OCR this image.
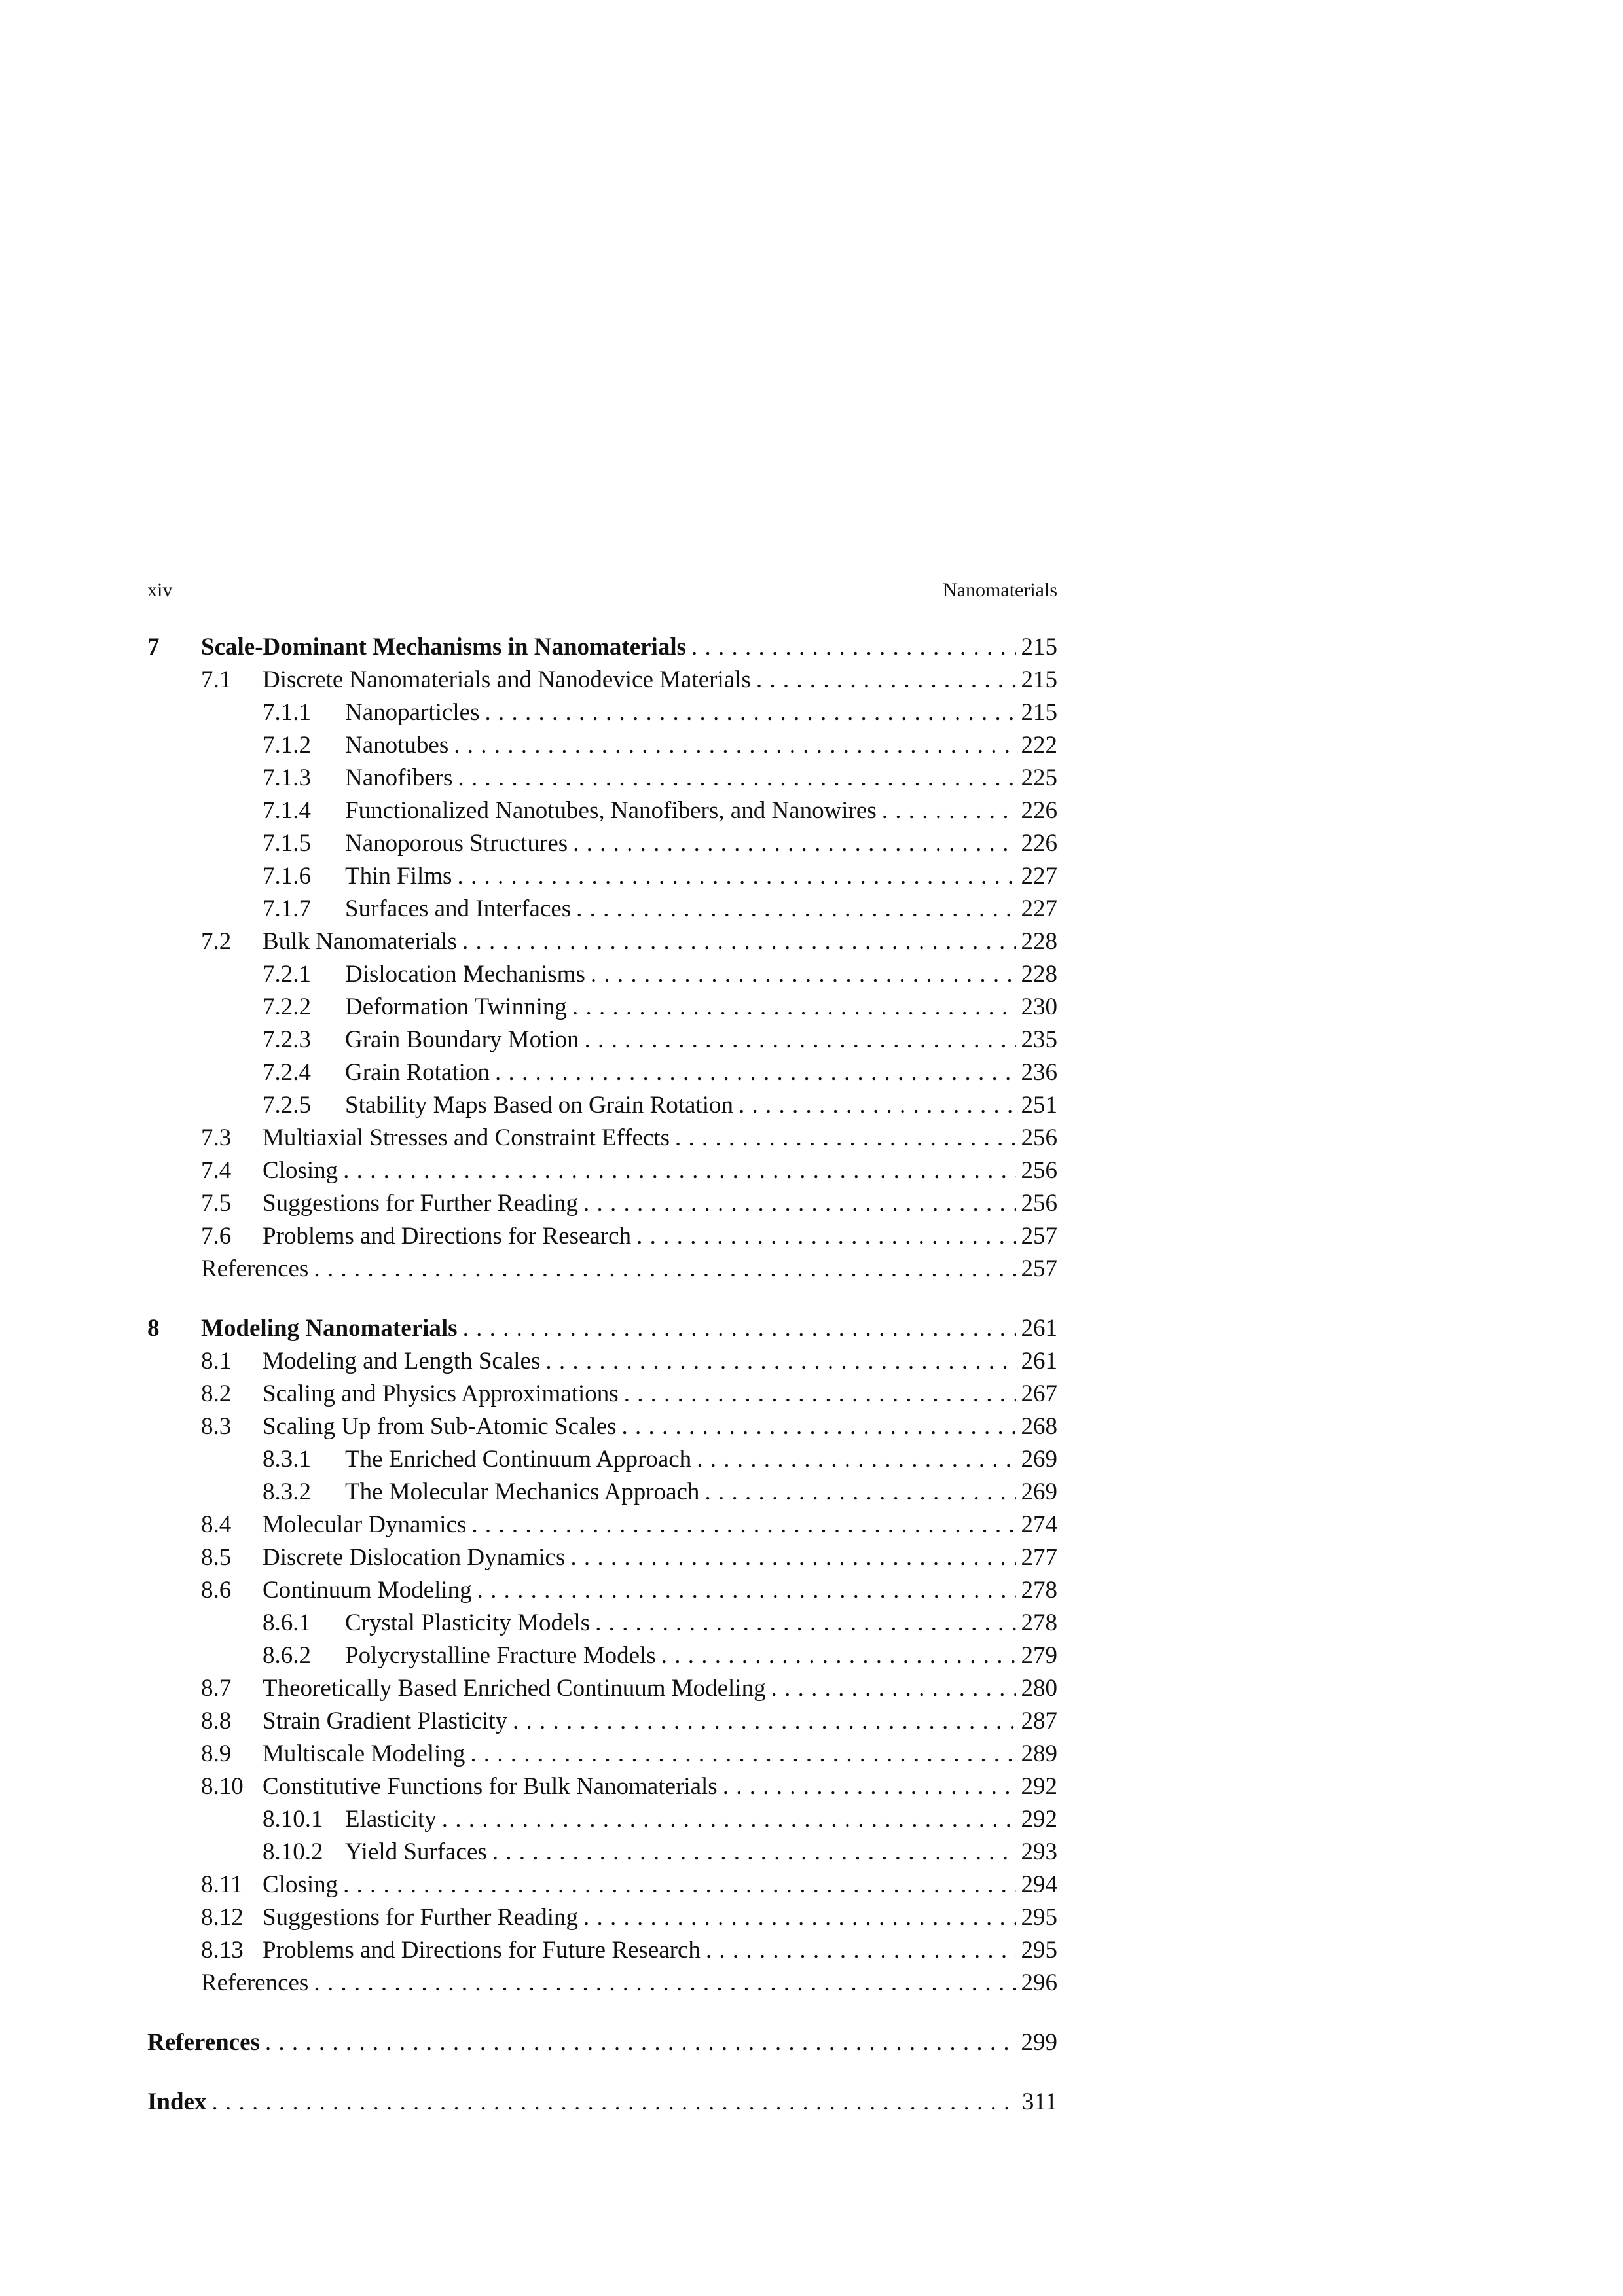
xiv	Nanomaterials
7	Scale-Dominant Mechanisms in Nanomaterials . . .	215
7.1	Discrete Nanomaterials and Nanodevice Materials . . .	215
7.1.1	Nanoparticles . . .	215
7.1.2	Nanotubes . . .	222
7.1.3	Nanofibers . . .	225
7.1.4	Functionalized Nanotubes, Nanofibers, and Nanowires . . .	226
7.1.5	Nanoporous Structures . . .	226
7.1.6	Thin Films . . .	227
7.1.7	Surfaces and Interfaces . . .	227
7.2	Bulk Nanomaterials . . .	228
7.2.1	Dislocation Mechanisms . . .	228
7.2.2	Deformation Twinning . . .	230
7.2.3	Grain Boundary Motion . . .	235
7.2.4	Grain Rotation . . .	236
7.2.5	Stability Maps Based on Grain Rotation . . .	251
7.3	Multiaxial Stresses and Constraint Effects . . .	256
7.4	Closing . . .	256
7.5	Suggestions for Further Reading . . .	256
7.6	Problems and Directions for Research . . .	257
References . . .	257
8	Modeling Nanomaterials . . .	261
8.1	Modeling and Length Scales . . .	261
8.2	Scaling and Physics Approximations . . .	267
8.3	Scaling Up from Sub-Atomic Scales . . .	268
8.3.1	The Enriched Continuum Approach . . .	269
8.3.2	The Molecular Mechanics Approach . . .	269
8.4	Molecular Dynamics . . .	274
8.5	Discrete Dislocation Dynamics . . .	277
8.6	Continuum Modeling . . .	278
8.6.1	Crystal Plasticity Models . . .	278
8.6.2	Polycrystalline Fracture Models . . .	279
8.7	Theoretically Based Enriched Continuum Modeling . . .	280
8.8	Strain Gradient Plasticity . . .	287
8.9	Multiscale Modeling . . .	289
8.10 Constitutive Functions for Bulk Nanomaterials . . .	292
8.10.1 Elasticity . . .	292
8.10.2 Yield Surfaces . . .	293
8.11 Closing . . .	294
8.12 Suggestions for Further Reading . . .	295
8.13 Problems and Directions for Future Research . . .	295
References . . .	296
References . . .	299
Index . . .	311
